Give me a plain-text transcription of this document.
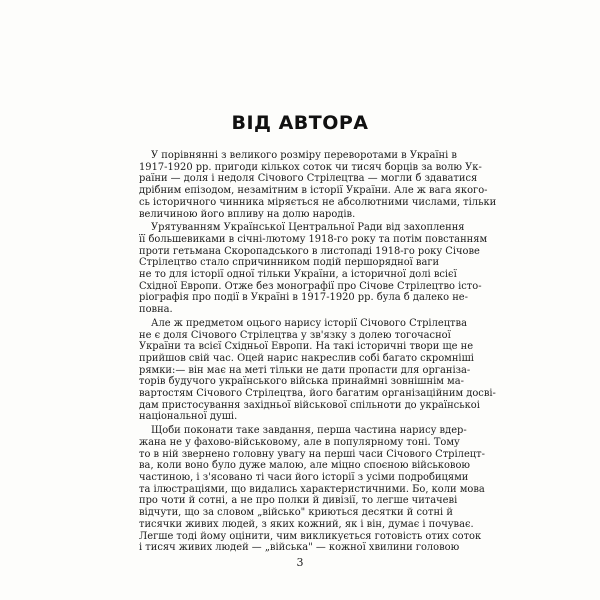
ВІД АВТОРА
У порівнянні з великого розміру переворотами в Україні в
1917-1920 рр. пригоди кількох соток чи тисяч борців за волю Ук-
раїни — доля і недоля Січового Стрілецтва — могли б здаватися
дрібним епізодом, незамітним в історії України. Але ж вага якого-
сь історичного чинника міряється не абсолютними числами, тільки
величиною його впливу на долю народів.
Урятуванням Української Центральної Ради від захоплення
її большевиками в січні-лютому 1918-го року та потім повстанням
проти гетьмана Скоропадського в листопаді 1918-го року Січове
Стрілецтво стало спричинником подій першорядної ваги
не то для історії одної тільки України, а історичної долі всієї
Східної Европи. Отже без монографії про Січове Стрілецтво істо-
ріографія про події в Україні в 1917-1920 рр. була б далеко не-
повна.
Але ж предметом оцього нарису історії Січового Стрілецтва
не є доля Січового Стрілецтва у зв'язку з долею тогочасної
України та всієї Східньої Европи. На такі історичні твори ще не
прийшов свій час. Оцей нарис накреслив собі багато скромніші
рямки:— він має на меті тільки не дати пропасти для організа-
торів будучого українського війська принаймні зовнішнім ма-
вартостям Січового Стрілецтва, його багатим організаційним досві-
дам пристосування західньої військової спільноти до українськоі
національної душі.
Щоби поконати таке завдання, перша частина нарису вдер-
жана не у фахово-військовому, але в популярному тоні. Тому
то в ній звернено головну увагу на перші часи Січового Стрілецт-
ва, коли воно було дуже малою, але міцно споєною військовою
частиною, і з'ясовано ті часи його історії з усіми подробицями
та ілюстраціями, що видались характеристичними. Бо, коли мова
про чоти й сотні, а не про полки й дивізії, то легше читачеві
відчути, що за словом „військо" криються десятки й сотні й
тисячки живих людей, з яких кожний, як і він, думає і почуває.
Легше тоді йому оцінити, чим викликується готовість отих соток
і тисяч живих людей — „війська" — кожної хвилини головою
3
